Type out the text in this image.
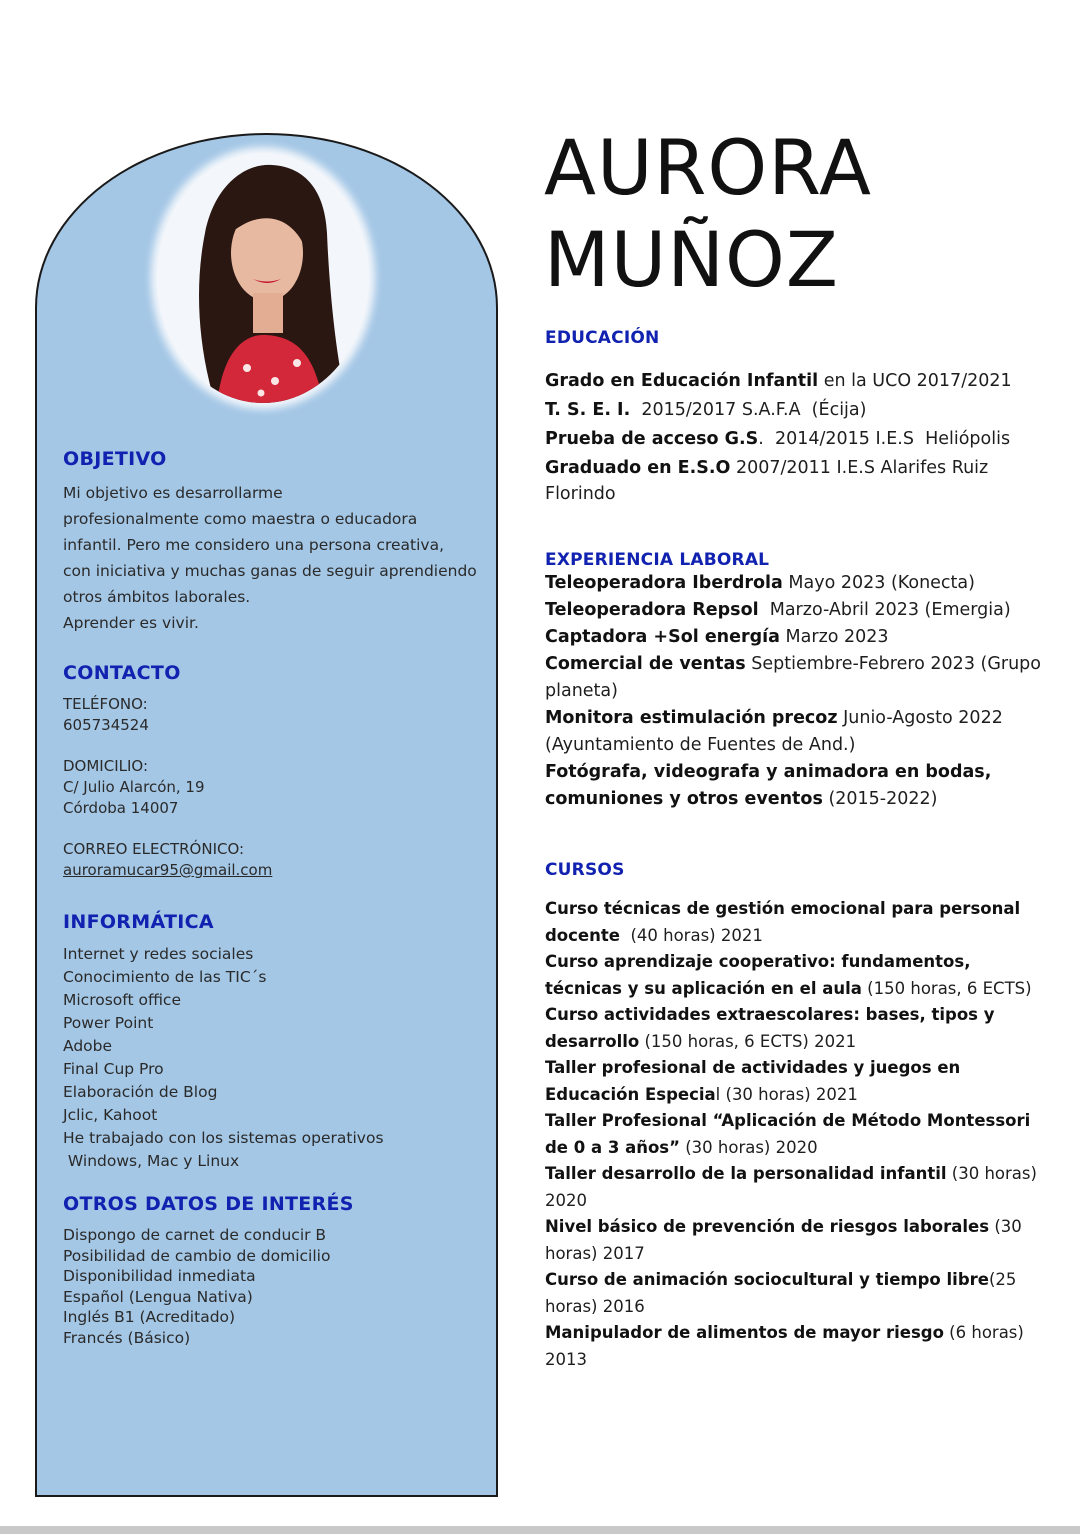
OBJETIVO
Mi objetivo es desarrollarme
profesionalmente como maestra o educadora
infantil. Pero me considero una persona creativa,
con iniciativa y muchas ganas de seguir aprendiendo
otros ámbitos laborales.
Aprender es vivir.
CONTACTO
TELÉFONO:
605734524
DOMICILIO:
C/ Julio Alarcón, 19
Córdoba 14007
CORREO ELECTRÓNICO:
auroramucar95@gmail.com
INFORMÁTICA
Internet y redes sociales
Conocimiento de las TIC´s
Microsoft office
Power Point
Adobe
Final Cup Pro
Elaboración de Blog
Jclic, Kahoot
He trabajado con los sistemas operativos
Windows, Mac y Linux
OTROS DATOS DE INTERÉS
Dispongo de carnet de conducir B
Posibilidad de cambio de domicilio
Disponibilidad inmediata
Español (Lengua Nativa)
Inglés B1 (Acreditado)
Francés (Básico)
AURORA
MUÑOZ
EDUCACIÓN
Grado en Educación Infantil en la UCO 2017/2021
T. S. E. I.  2015/2017 S.A.F.A  (Écija)
Prueba de acceso G.S.  2014/2015 I.E.S  Heliópolis
Graduado en E.S.O 2007/2011 I.E.S Alarifes Ruiz Florindo
EXPERIENCIA LABORAL
Teleoperadora Iberdrola Mayo 2023 (Konecta)
Teleoperadora Repsol  Marzo-Abril 2023 (Emergia)
Captadora +Sol energía Marzo 2023
Comercial de ventas Septiembre-Febrero 2023 (Grupo planeta)
Monitora estimulación precoz Junio-Agosto 2022 (Ayuntamiento de Fuentes de And.)
Fotógrafa, videografa y animadora en bodas, comuniones y otros eventos (2015-2022)
CURSOS
Curso técnicas de gestión emocional para personal docente  (40 horas) 2021
Curso aprendizaje cooperativo: fundamentos, técnicas y su aplicación en el aula (150 horas, 6 ECTS)
Curso actividades extraescolares: bases, tipos y desarrollo (150 horas, 6 ECTS) 2021
Taller profesional de actividades y juegos en Educación Especial (30 horas) 2021
Taller Profesional “Aplicación de Método Montessori de 0 a 3 años” (30 horas) 2020
Taller desarrollo de la personalidad infantil (30 horas) 2020
Nivel básico de prevención de riesgos laborales (30 horas) 2017
Curso de animación sociocultural y tiempo libre(25 horas) 2016
Manipulador de alimentos de mayor riesgo (6 horas) 2013
